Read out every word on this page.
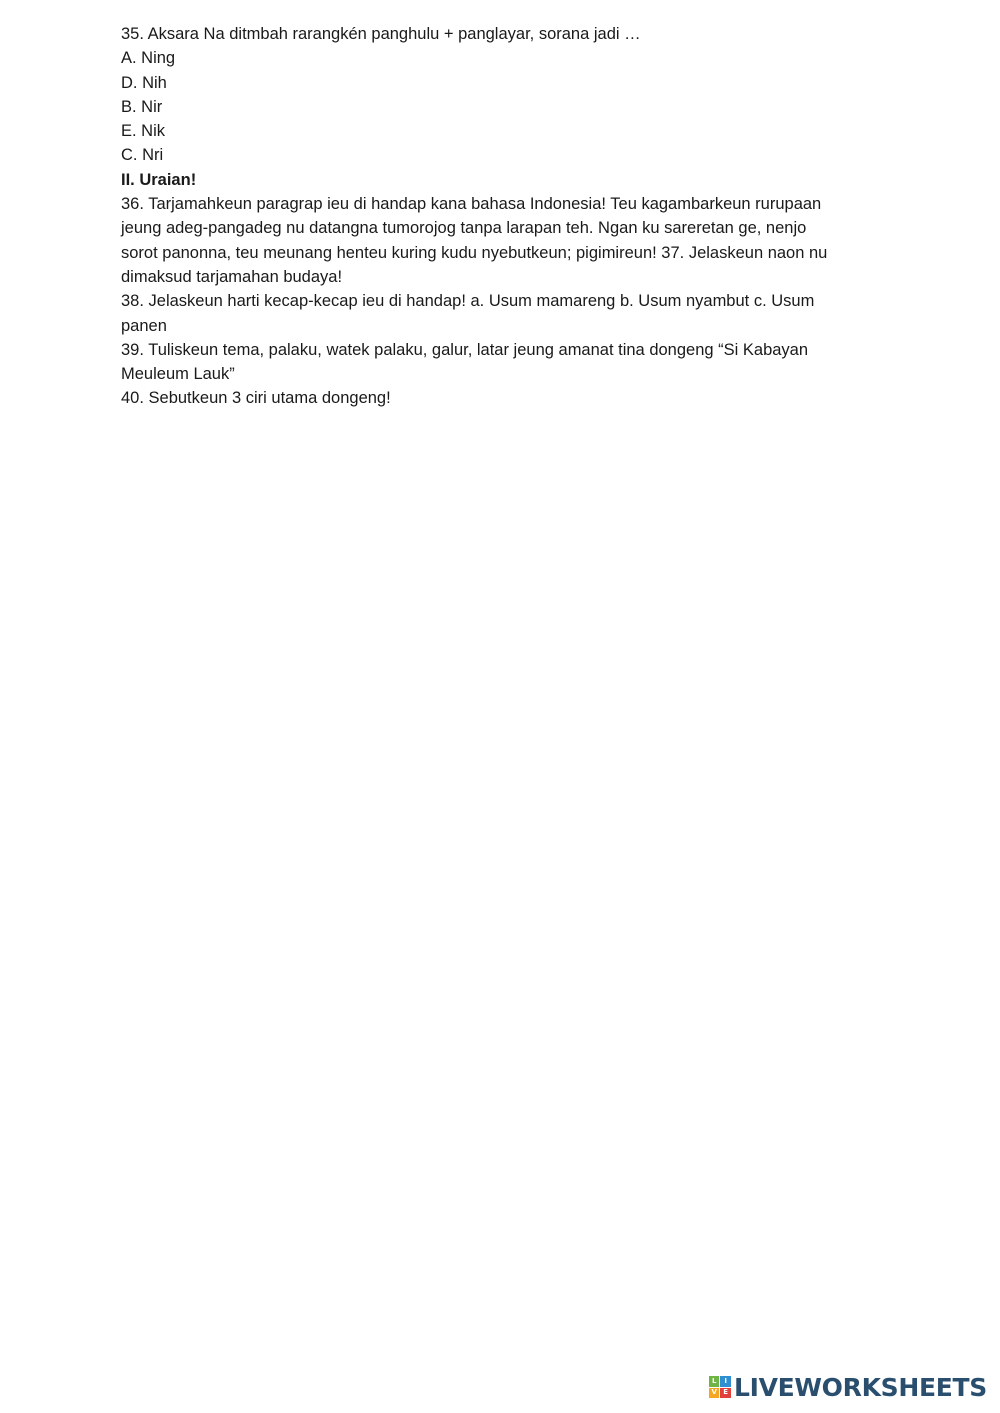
35. Aksara Na ditmbah rarangkén panghulu + panglayar, sorana jadi …

A. Ning

D. Nih

B. Nir

E. Nik

C. Nri

II. Uraian!

36. Tarjamahkeun paragrap ieu di handap kana bahasa Indonesia! Teu kagambarkeun rurupaan

jeung adeg-pangadeg nu datangna tumorojog tanpa larapan teh. Ngan ku sareretan ge, nenjo

sorot panonna, teu meunang henteu kuring kudu nyebutkeun; pigimireun! 37. Jelaskeun naon nu

dimaksud tarjamahan budaya!

38. Jelaskeun harti kecap-kecap ieu di handap! a. Usum mamareng b. Usum nyambut c. Usum

panen

39. Tuliskeun tema, palaku, watek palaku, galur, latar jeung amanat tina dongeng “Si Kabayan

Meuleum Lauk”

40. Sebutkeun 3 ciri utama dongeng!

L	I
V E LIVEWORKSHEETS
